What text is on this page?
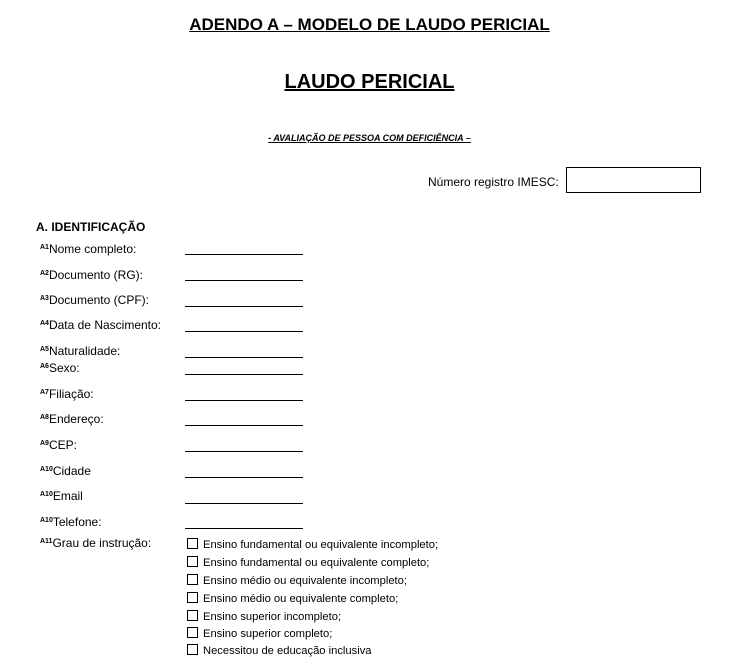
ADENDO A – MODELO DE LAUDO PERICIAL
LAUDO PERICIAL
- AVALIAÇÃO DE PESSOA COM DEFICIÊNCIA –
Número registro IMESC:
A. IDENTIFICAÇÃO
$^{A1}$Nome completo:
$^{A2}$Documento (RG):
$^{A3}$Documento (CPF):
$^{A4}$Data de Nascimento:
$^{A5}$Naturalidade:
$^{A6}$Sexo:
$^{A7}$Filiação:
$^{A8}$Endereço:
$^{A9}$CEP:
$^{A10}$Cidade
$^{A10}$Email
$^{A10}$Telefone:
$^{A11}$Grau de instrução:	Ensino fundamental ou equivalente incompleto;
Ensino fundamental ou equivalente completo;
Ensino médio ou equivalente incompleto;
Ensino médio ou equivalente completo;
Ensino superior incompleto;
Ensino superior completo;
Necessitou de educação inclusiva
